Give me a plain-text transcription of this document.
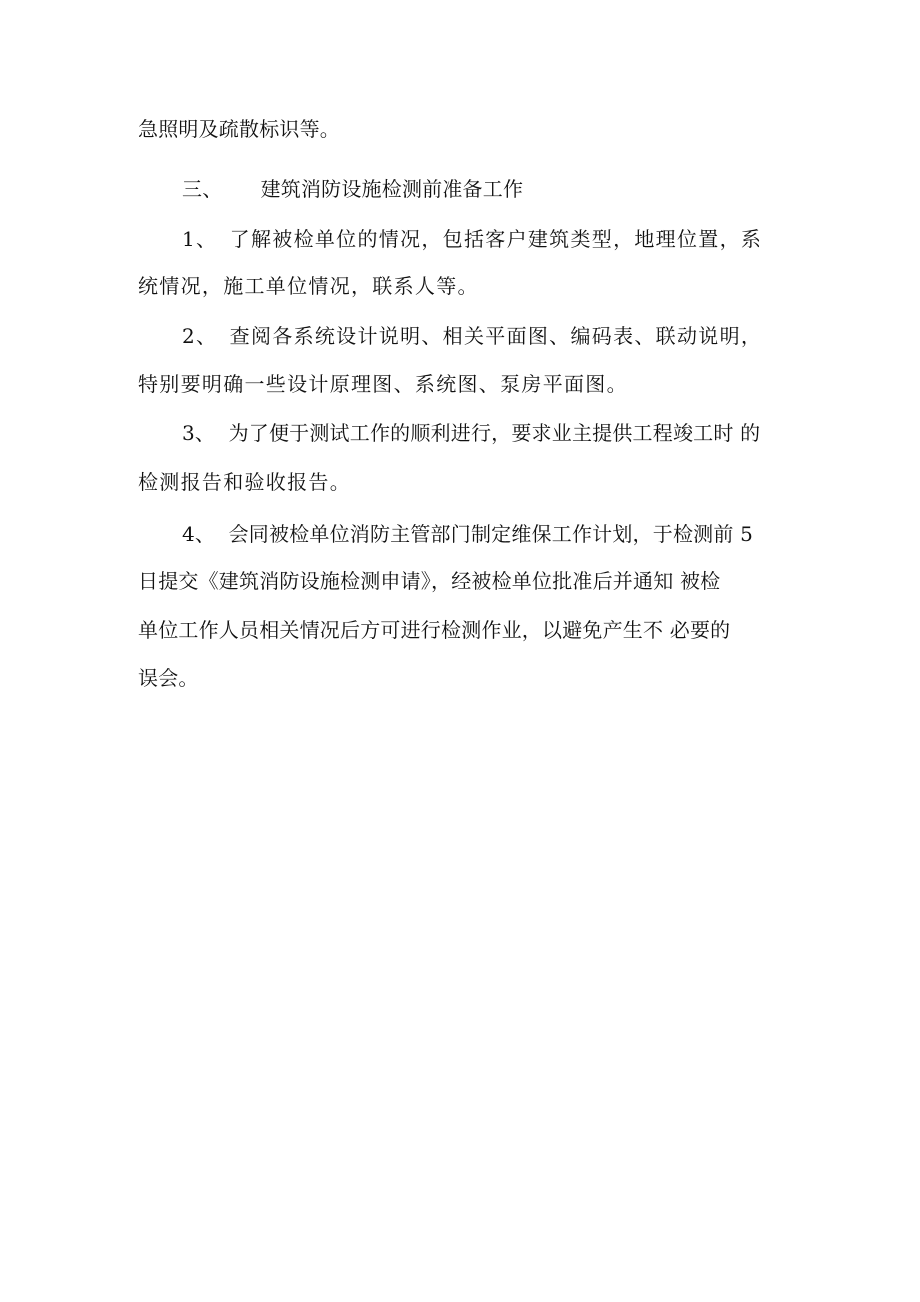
急照明及疏散标识等。
三、 建筑消防设施检测前准备工作
1、 了解被检单位的情况，包括客户建筑类型，地理位置，系
统情况，施工单位情况，联系人等。
2、 查阅各系统设计说明、相关平面图、编码表、联动说明，
特别要明确一些设计原理图、系统图、泵房平面图。
3、 为了便于测试工作的顺利进行，要求业主提供工程竣工时 的
检测报告和验收报告。
4、 会同被检单位消防主管部门制定维保工作计划，于检测前 5
日提交《建筑消防设施检测申请》，经被检单位批准后并通知 被检
单位工作人员相关情况后方可进行检测作业，以避免产生不 必要的
误会。
